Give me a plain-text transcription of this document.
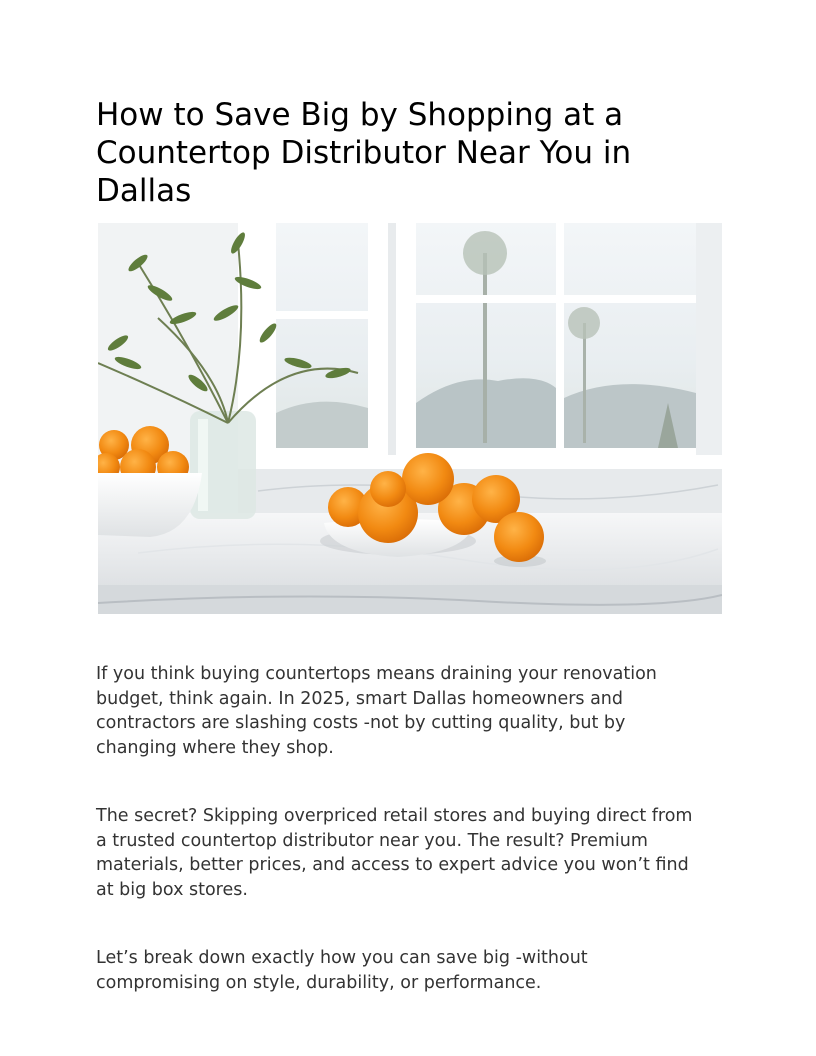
How to Save Big by Shopping at a Countertop Distributor Near You in Dallas

If you think buying countertops means draining your renovation budget, think again. In 2025, smart Dallas homeowners and contractors are slashing costs -not by cutting quality, but by changing where they shop.

The secret? Skipping overpriced retail stores and buying direct from a trusted countertop distributor near you. The result? Premium materials, better prices, and access to expert advice you won’t find at big box stores.

Let’s break down exactly how you can save big -without compromising on style, durability, or performance.
